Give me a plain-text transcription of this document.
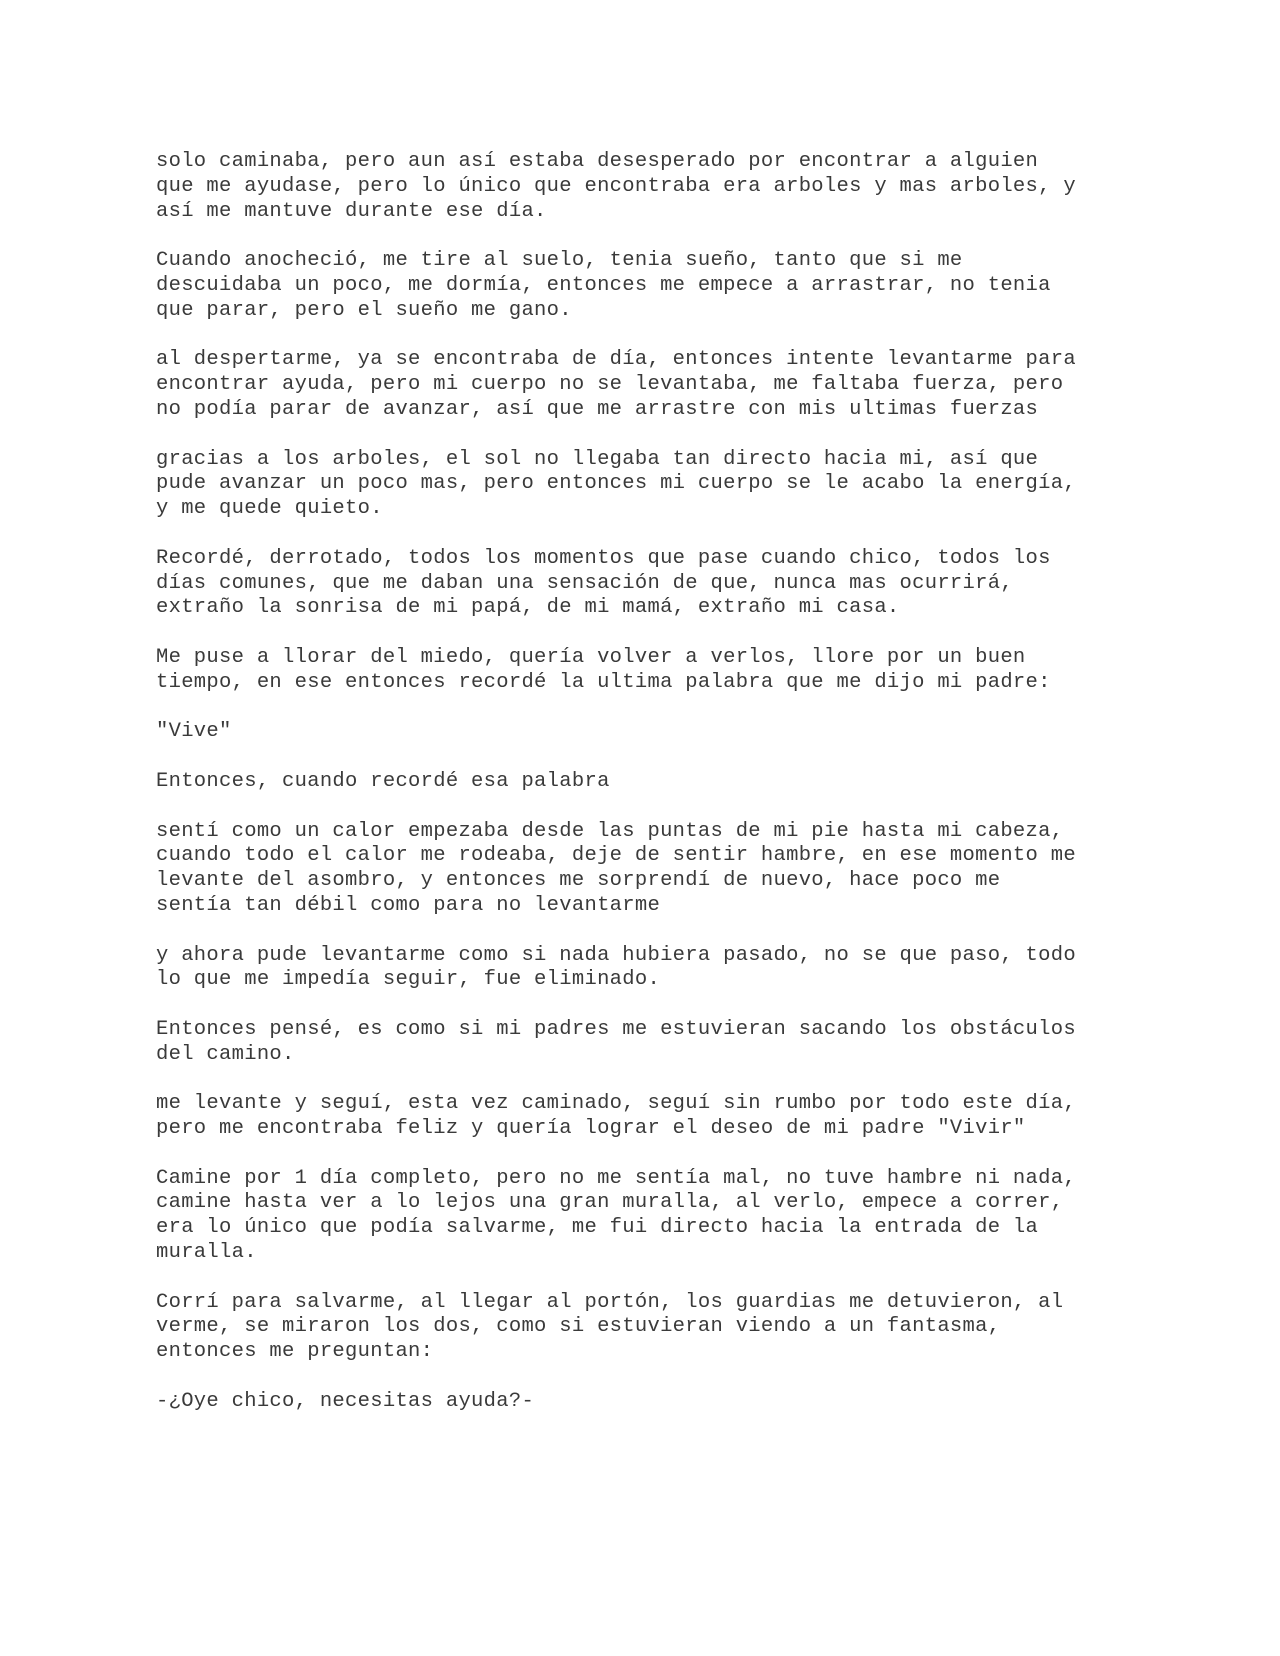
solo caminaba, pero aun así estaba desesperado por encontrar a alguien
que me ayudase, pero lo único que encontraba era arboles y mas arboles, y
así me mantuve durante ese día.

Cuando anocheció, me tire al suelo, tenia sueño, tanto que si me
descuidaba un poco, me dormía, entonces me empece a arrastrar, no tenia
que parar, pero el sueño me gano.

al despertarme, ya se encontraba de día, entonces intente levantarme para
encontrar ayuda, pero mi cuerpo no se levantaba, me faltaba fuerza, pero
no podía parar de avanzar, así que me arrastre con mis ultimas fuerzas

gracias a los arboles, el sol no llegaba tan directo hacia mi, así que
pude avanzar un poco mas, pero entonces mi cuerpo se le acabo la energía,
y me quede quieto.

Recordé, derrotado, todos los momentos que pase cuando chico, todos los
días comunes, que me daban una sensación de que, nunca mas ocurrirá,
extraño la sonrisa de mi papá, de mi mamá, extraño mi casa.

Me puse a llorar del miedo, quería volver a verlos, llore por un buen
tiempo, en ese entonces recordé la ultima palabra que me dijo mi padre:

"Vive"

Entonces, cuando recordé esa palabra

sentí como un calor empezaba desde las puntas de mi pie hasta mi cabeza,
cuando todo el calor me rodeaba, deje de sentir hambre, en ese momento me
levante del asombro, y entonces me sorprendí de nuevo, hace poco me
sentía tan débil como para no levantarme

y ahora pude levantarme como si nada hubiera pasado, no se que paso, todo
lo que me impedía seguir, fue eliminado.

Entonces pensé, es como si mi padres me estuvieran sacando los obstáculos
del camino.

me levante y seguí, esta vez caminado, seguí sin rumbo por todo este día,
pero me encontraba feliz y quería lograr el deseo de mi padre "Vivir"

Camine por 1 día completo, pero no me sentía mal, no tuve hambre ni nada,
camine hasta ver a lo lejos una gran muralla, al verlo, empece a correr,
era lo único que podía salvarme, me fui directo hacia la entrada de la
muralla.

Corrí para salvarme, al llegar al portón, los guardias me detuvieron, al
verme, se miraron los dos, como si estuvieran viendo a un fantasma,
entonces me preguntan:

-¿Oye chico, necesitas ayuda?-
